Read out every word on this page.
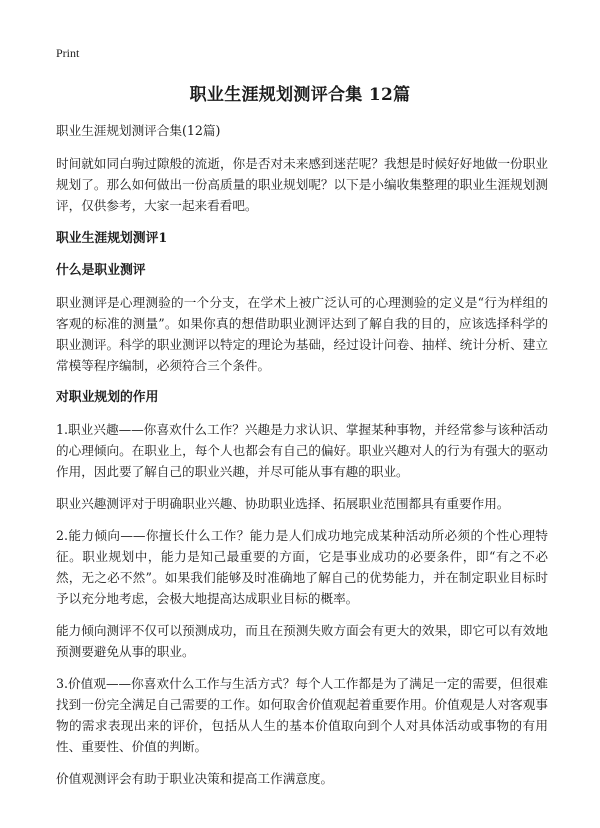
Print
职业生涯规划测评合集 12篇

职业生涯规划测评合集(12篇)

时间就如同白驹过隙般的流逝，你是否对未来感到迷茫呢？我想是时候好好地做一份职业规划了。那么如何做出一份高质量的职业规划呢？以下是小编收集整理的职业生涯规划测评，仅供参考，大家一起来看看吧。

职业生涯规划测评1
什么是职业测评

职业测评是心理测验的一个分支，在学术上被广泛认可的心理测验的定义是“行为样组的客观的标准的测量”。如果你真的想借助职业测评达到了解自我的目的，应该选择科学的职业测评。科学的职业测评以特定的理论为基础，经过设计问卷、抽样、统计分析、建立常模等程序编制，必须符合三个条件。

对职业规划的作用

1.职业兴趣——你喜欢什么工作？兴趣是力求认识、掌握某种事物，并经常参与该种活动的心理倾向。在职业上，每个人也都会有自己的偏好。职业兴趣对人的行为有强大的驱动作用，因此要了解自己的职业兴趣，并尽可能从事有趣的职业。

职业兴趣测评对于明确职业兴趣、协助职业选择、拓展职业范围都具有重要作用。

2.能力倾向——你擅长什么工作？能力是人们成功地完成某种活动所必须的个性心理特征。职业规划中，能力是知己最重要的方面，它是事业成功的必要条件，即“有之不必然，无之必不然”。如果我们能够及时准确地了解自己的优势能力，并在制定职业目标时予以充分地考虑，会极大地提高达成职业目标的概率。

能力倾向测评不仅可以预测成功，而且在预测失败方面会有更大的效果，即它可以有效地预测要避免从事的职业。

3.价值观——你喜欢什么工作与生活方式？每个人工作都是为了满足一定的需要，但很难找到一份完全满足自己需要的工作。如何取舍价值观起着重要作用。价值观是人对客观事物的需求表现出来的评价，包括从人生的基本价值取向到个人对具体活动或事物的有用性、重要性、价值的判断。

价值观测评会有助于职业决策和提高工作满意度。
